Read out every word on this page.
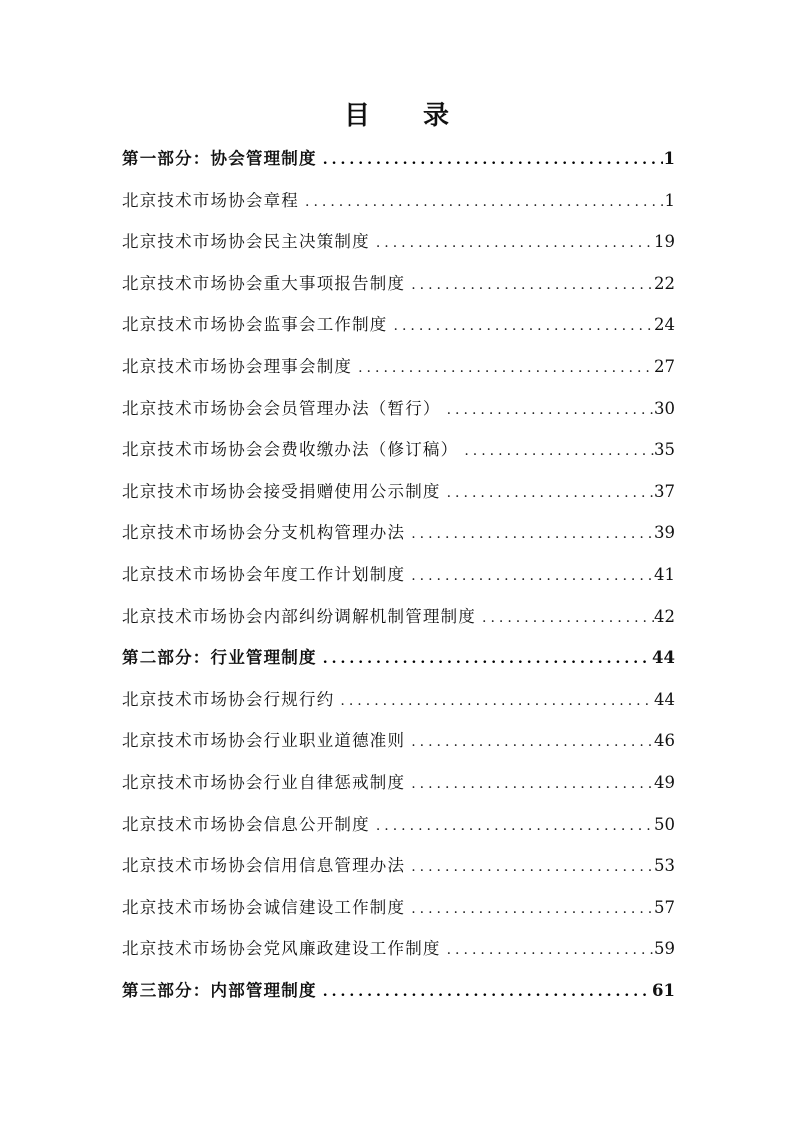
目 录
第一部分：协会管理制度 .....	1
北京技术市场协会章程 .....	1
北京技术市场协会民主决策制度 .....	19
北京技术市场协会重大事项报告制度 .....	22
北京技术市场协会监事会工作制度 .....	24
北京技术市场协会理事会制度 .....	27
北京技术市场协会会员管理办法（暂行） .....	30
北京技术市场协会会费收缴办法（修订稿） .....	35
北京技术市场协会接受捐赠使用公示制度 .....	37
北京技术市场协会分支机构管理办法 .....	39
北京技术市场协会年度工作计划制度 .....	41
北京技术市场协会内部纠纷调解机制管理制度 .....	42
第二部分：行业管理制度 .....	44
北京技术市场协会行规行约 .....	44
北京技术市场协会行业职业道德准则 .....	46
北京技术市场协会行业自律惩戒制度 .....	49
北京技术市场协会信息公开制度 .....	50
北京技术市场协会信用信息管理办法 .....	53
北京技术市场协会诚信建设工作制度 .....	57
北京技术市场协会党风廉政建设工作制度 .....	59
第三部分：内部管理制度 .....	61
